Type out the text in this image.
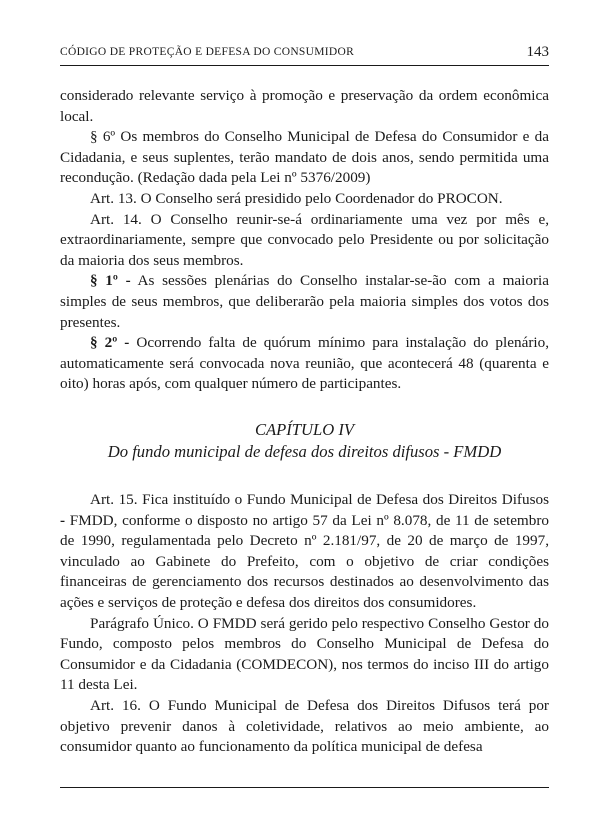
CÓDIGO DE PROTEÇÃO E DEFESA DO CONSUMIDOR	143

considerado relevante serviço à promoção e preservação da ordem econômica local.

§ 6º Os membros do Conselho Municipal de Defesa do Consumidor e da Cidadania, e seus suplentes, terão mandato de dois anos, sendo permitida uma recondução. (Redação dada pela Lei nº 5376/2009)

Art. 13. O Conselho será presidido pelo Coordenador do PROCON.

Art. 14. O Conselho reunir-se-á ordinariamente uma vez por mês e, extraordinariamente, sempre que convocado pelo Presidente ou por solicitação da maioria dos seus membros.

§ 1º - As sessões plenárias do Conselho instalar-se-ão com a maioria simples de seus membros, que deliberarão pela maioria simples dos votos dos presentes.

§ 2º - Ocorrendo falta de quórum mínimo para instalação do plenário, automaticamente será convocada nova reunião, que acontecerá 48 (quarenta e oito) horas após, com qualquer número de participantes.

CAPÍTULO IV

Do fundo municipal de defesa dos direitos difusos - FMDD

Art. 15. Fica instituído o Fundo Municipal de Defesa dos Direitos Difusos - FMDD, conforme o disposto no artigo 57 da Lei nº 8.078, de 11 de setembro de 1990, regulamentada pelo Decreto nº 2.181/97, de 20 de março de 1997, vinculado ao Gabinete do Prefeito, com o objetivo de criar condições financeiras de gerenciamento dos recursos destinados ao desenvolvimento das ações e serviços de proteção e defesa dos direitos dos consumidores.

Parágrafo Único. O FMDD será gerido pelo respectivo Conselho Gestor do Fundo, composto pelos membros do Conselho Municipal de Defesa do Consumidor e da Cidadania (COMDECON), nos termos do inciso III do artigo 11 desta Lei.

Art. 16. O Fundo Municipal de Defesa dos Direitos Difusos terá por objetivo prevenir danos à coletividade, relativos ao meio ambiente, ao consumidor quanto ao funcionamento da política municipal de defesa
